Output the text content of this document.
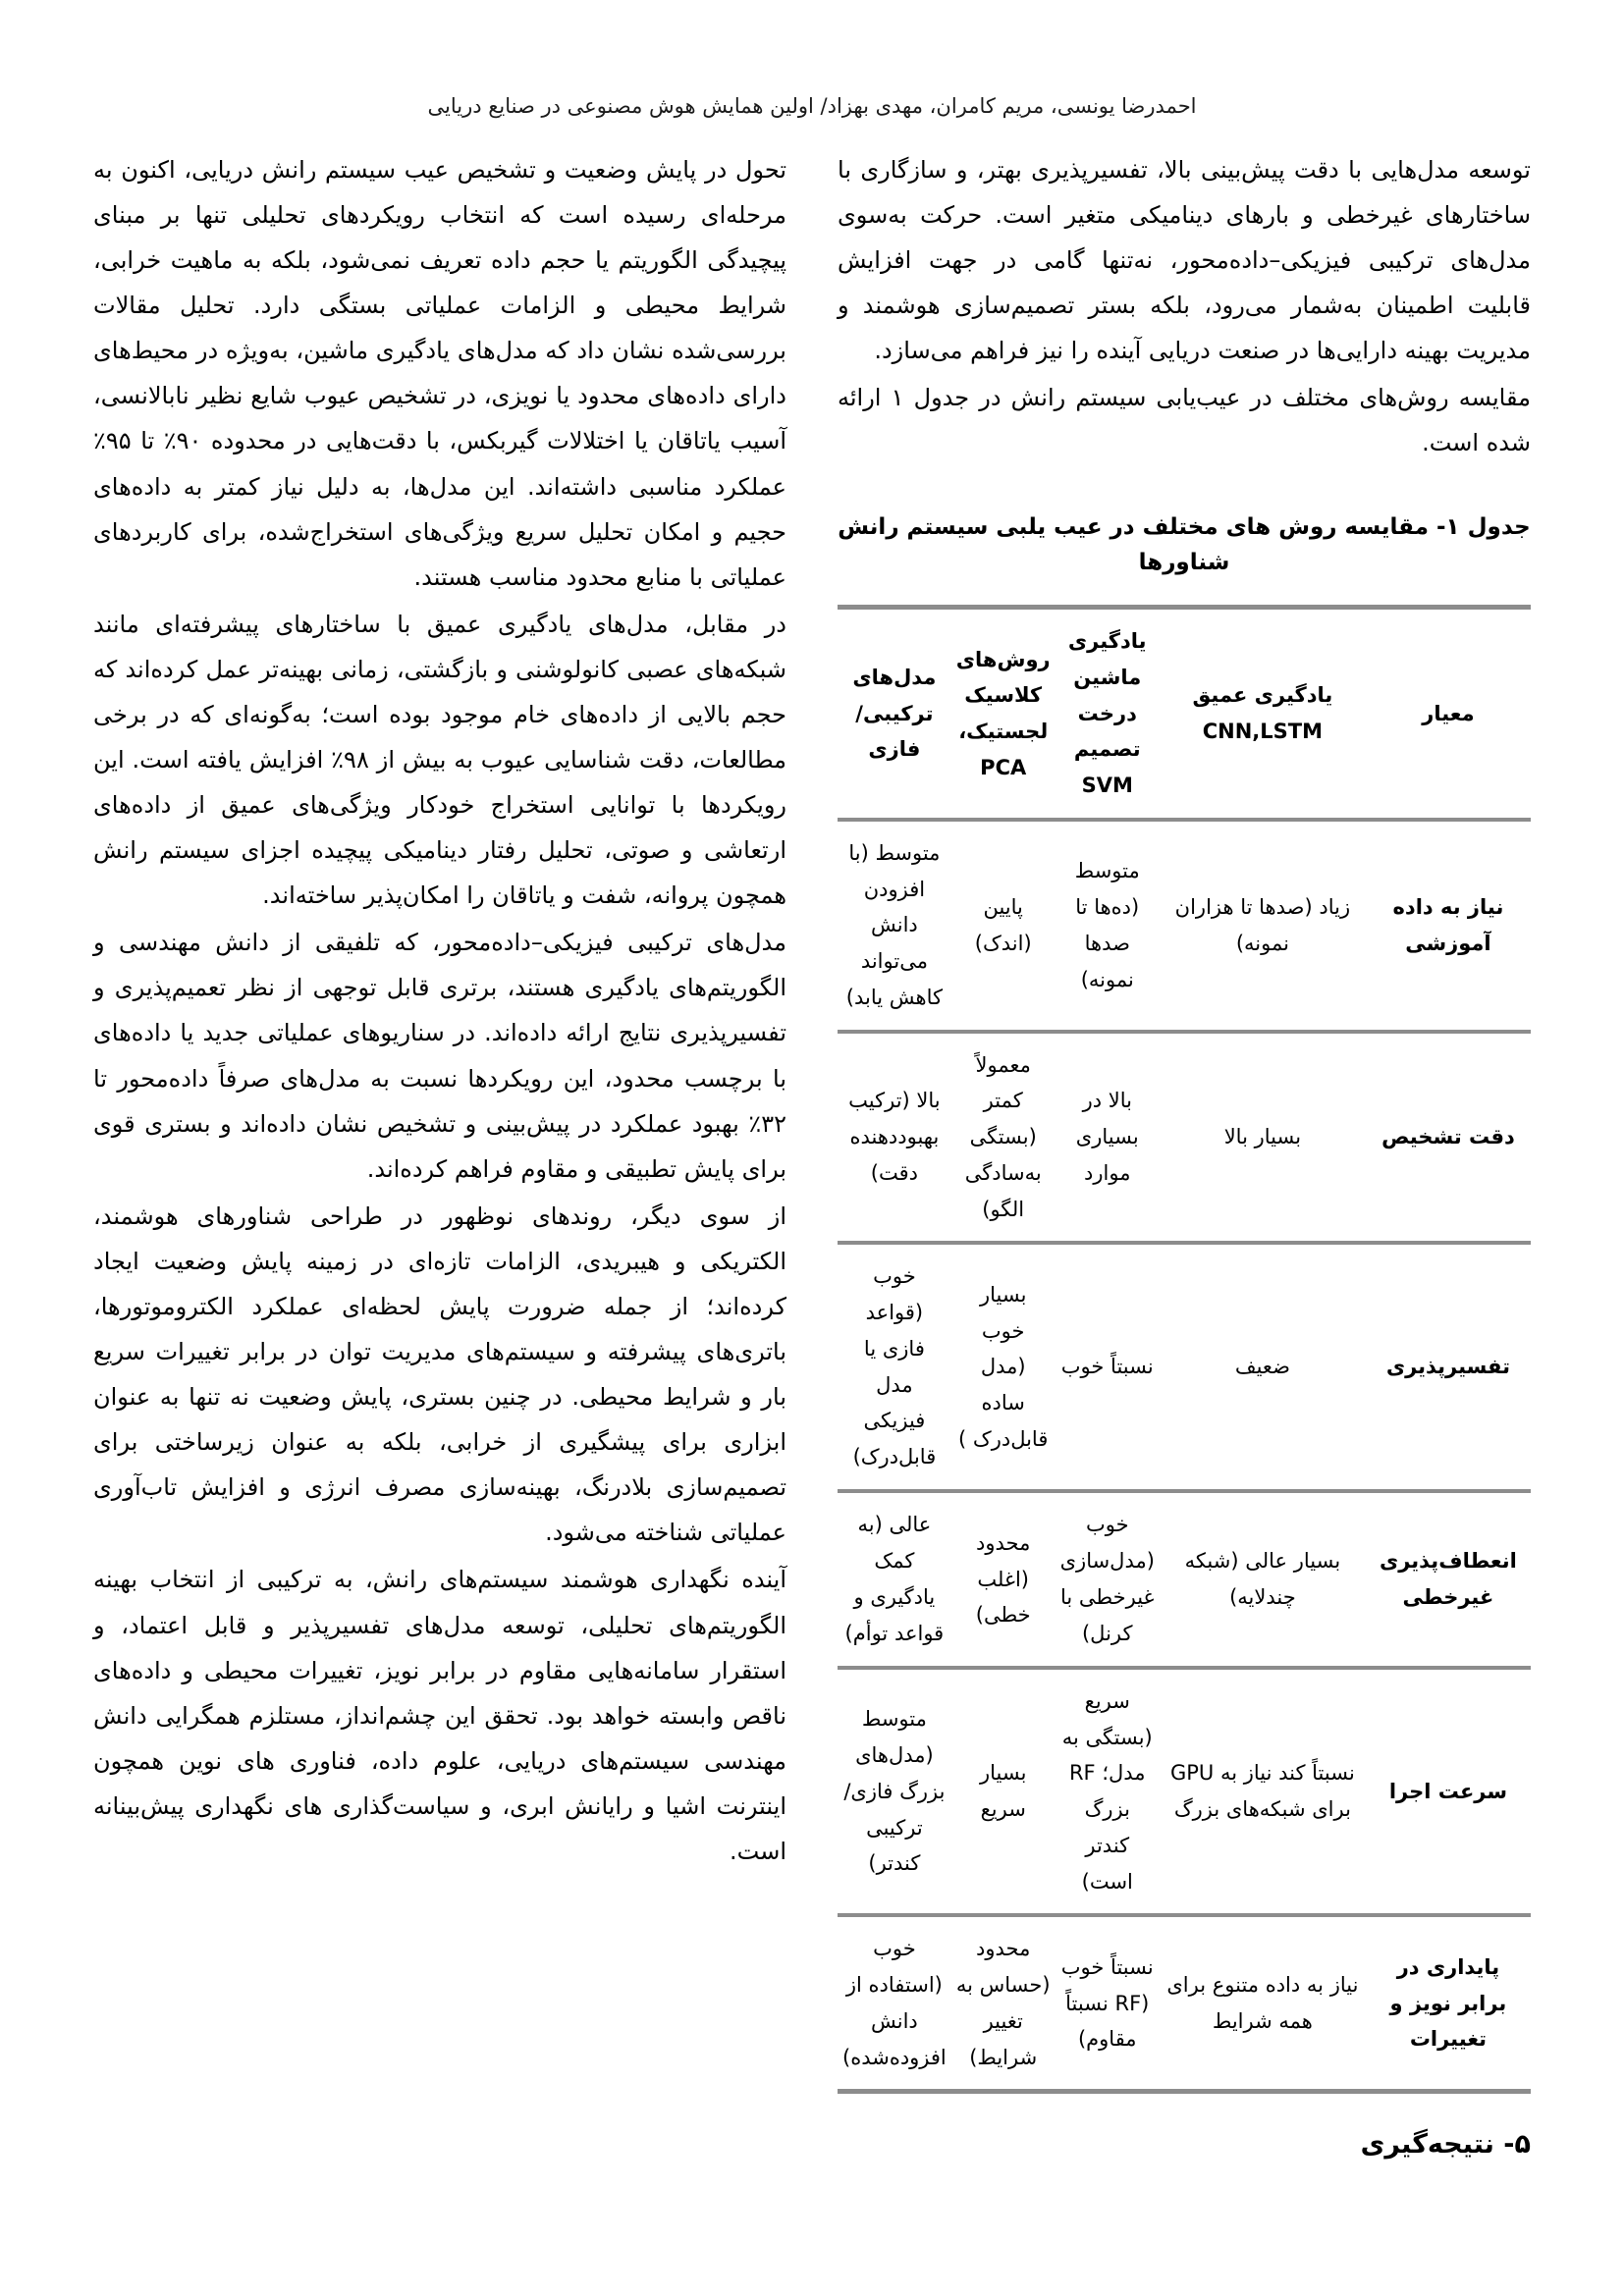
احمدرضا یونسی، مریم کامران، مهدی بهزاد/ اولین همایش هوش مصنوعی در صنایع دریایی

توسعه مدل‌هایی با دقت پیش‌بینی بالا، تفسیرپذیری بهتر، و سازگاری با ساختارهای غیرخطی و بارهای دینامیکی متغیر است. حرکت به‌سوی مدل‌های ترکیبی فیزیکی–داده‌محور، نه‌تنها گامی در جهت افزایش قابلیت اطمینان به‌شمار می‌رود، بلکه بستر تصمیم‌سازی هوشمند و مدیریت بهینه دارایی‌ها در صنعت دریایی آینده را نیز فراهم می‌سازد.

مقایسه روش‌های مختلف در عیب‌یابی سیستم رانش در جدول ۱ ارائه شده است.

جدول ۱- مقایسه روش های مختلف در عیب یلبی سیستم رانش شناورها
معیار	یادگیری عمیق CNN,LSTM	یادگیری ماشین درخت تصمیم SVM	روش‌های کلاسیک لجستیک، PCA	مدل‌های ترکیبی/فازی
نیاز به داده آموزشی	زیاد (صدها تا هزاران نمونه)	متوسط (ده‌ها تا صدها نمونه)	پایین (اندک)	متوسط (با افزودن دانش می‌تواند کاهش یابد)
دقت تشخیص	بسیار بالا	بالا در بسیاری موارد	معمولاً کمتر (بستگی به‌سادگی الگو)	بالا (ترکیب بهبوددهنده دقت)
تفسیرپذیری	ضعیف	نسبتاً خوب	بسیار خوب (مدل ساده قابل‌درک )	خوب (قواعد فازی یا مدل فیزیکی قابل‌درک)
انعطاف‌پذیری غیرخطی	بسیار عالی (شبکه چندلایه)	خوب (مدل‌سازی غیرخطی با کرنل)	محدود (اغلب خطی)	عالی (به کمک یادگیری و قواعد توأم)
سرعت اجرا	نسبتاً کند نیاز به GPU برای شبکه‌های بزرگ	سریع (بستگی به مدل؛ RF بزرگ کندتر است)	بسیار سریع	متوسط (مدل‌های بزرگ فازی/ترکیبی کندتر)
پایداری در برابر نویز و تغییرات	نیاز به داده متنوع برای همه شرایط	نسبتاً خوب (RF نسبتاً مقاوم)	محدود (حساس به تغییر شرایط)	خوب (استفاده از دانش افزوده‌شده)
۵- نتیجه‌گیری

تحول در پایش وضعیت و تشخیص عیب سیستم رانش دریایی، اکنون به مرحله‌ای رسیده است که انتخاب رویکردهای تحلیلی تنها بر مبنای پیچیدگی الگوریتم یا حجم داده تعریف نمی‌شود، بلکه به ماهیت خرابی، شرایط محیطی و الزامات عملیاتی بستگی دارد. تحلیل مقالات بررسی‌شده نشان داد که مدل‌های یادگیری ماشین، به‌ویژه در محیط‌های دارای داده‌های محدود یا نویزی، در تشخیص عیوب شایع نظیر نابالانسی، آسیب یاتاقان یا اختلالات گیربکس، با دقت‌هایی در محدوده ۹۰٪ تا ۹۵٪ عملکرد مناسبی داشته‌اند. این مدل‌ها، به دلیل نیاز کمتر به داده‌های حجیم و امکان تحلیل سریع ویژگی‌های استخراج‌شده، برای کاربردهای عملیاتی با منابع محدود مناسب هستند.

در مقابل، مدل‌های یادگیری عمیق با ساختارهای پیشرفته‌ای مانند شبکه‌های عصبی کانولوشنی و بازگشتی، زمانی بهینه‌تر عمل کرده‌اند که حجم بالایی از داده‌های خام موجود بوده است؛ به‌گونه‌ای که در برخی مطالعات، دقت شناسایی عیوب به بیش از ۹۸٪ افزایش یافته است. این رویکردها با توانایی استخراج خودکار ویژگی‌های عمیق از داده‌های ارتعاشی و صوتی، تحلیل رفتار دینامیکی پیچیده اجزای سیستم رانش همچون پروانه، شفت و یاتاقان را امکان‌پذیر ساخته‌اند.

مدل‌های ترکیبی فیزیکی–داده‌محور، که تلفیقی از دانش مهندسی و الگوریتم‌های یادگیری هستند، برتری قابل توجهی از نظر تعمیم‌پذیری و تفسیرپذیری نتایج ارائه داده‌اند. در سناریوهای عملیاتی جدید یا داده‌های با برچسب محدود، این رویکردها نسبت به مدل‌های صرفاً داده‌محور تا ۳۲٪ بهبود عملکرد در پیش‌بینی و تشخیص نشان داده‌اند و بستری قوی برای پایش تطبیقی و مقاوم فراهم کرده‌اند.

از سوی دیگر، روندهای نوظهور در طراحی شناورهای هوشمند، الکتریکی و هیبریدی، الزامات تازه‌ای در زمینه پایش وضعیت ایجاد کرده‌اند؛ از جمله ضرورت پایش لحظه‌ای عملکرد الکتروموتورها، باتری‌های پیشرفته و سیستم‌های مدیریت توان در برابر تغییرات سریع بار و شرایط محیطی. در چنین بستری، پایش وضعیت نه تنها به عنوان ابزاری برای پیشگیری از خرابی، بلکه به عنوان زیرساختی برای تصمیم‌سازی بلادرنگ، بهینه‌سازی مصرف انرژی و افزایش تاب‌آوری عملیاتی شناخته می‌شود.

آینده نگهداری هوشمند سیستم‌های رانش، به ترکیبی از انتخاب بهینه الگوریتم‌های تحلیلی، توسعه مدل‌های تفسیرپذیر و قابل اعتماد، و استقرار سامانه‌هایی مقاوم در برابر نویز، تغییرات محیطی و داده‌های ناقص وابسته خواهد بود. تحقق این چشم‌انداز، مستلزم همگرایی دانش مهندسی سیستم‌های دریایی، علوم داده، فناوری های نوین همچون اینترنت اشیا و رایانش ابری، و سیاست‌گذاری های نگهداری پیش‌بینانه است.
